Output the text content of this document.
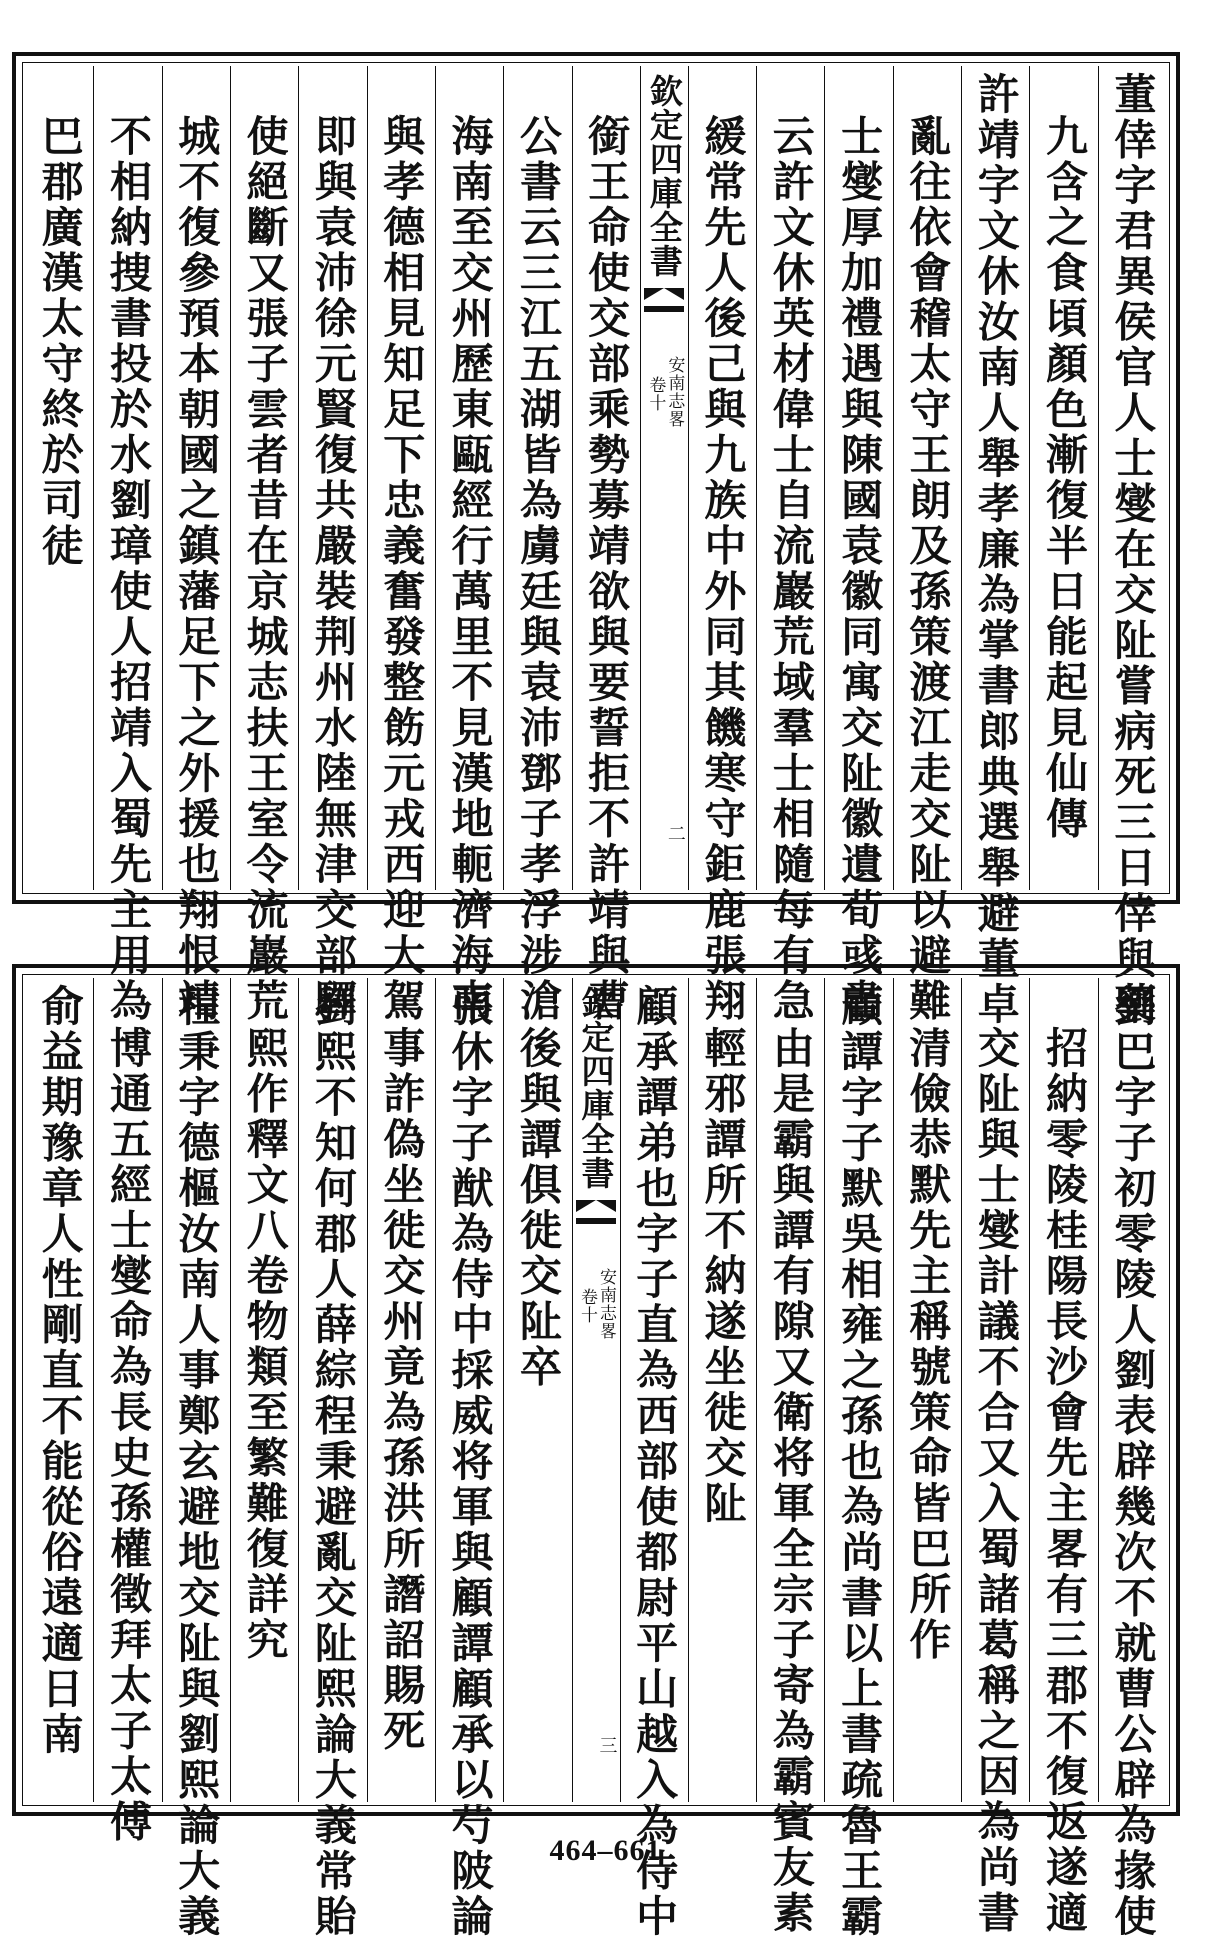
董倖字君異侯官人士燮在交阯嘗病死三日倖與藥
九含之食頃顏色漸復半日能起見仙傳
許靖字文休汝南人舉孝廉為掌書郎典選舉避董卓
亂往依會稽太守王朗及孫策渡江走交阯以避難
士燮厚加禮遇與陳國袁徽同寓交阯徽遺荀彧書
云許文休英材偉士自流巖荒域羣士相隨每有急
緩常先人後己與九族中外同其饑寒守鉅鹿張翔
欽定四庫全書
安南志畧
卷十
二
銜王命使交部乘勢募靖欲與要誓拒不許靖與曹
公書云三江五湖皆為虜廷與袁沛鄧子孝浮涉滄
海南至交州歷東甌經行萬里不見漢地軛濟海南
與孝德相見知足下忠義奮發整飭元戎西迎大駕
即與袁沛徐元賢復共嚴裝荆州水陸無津交部驛
使絕斷又張子雲者昔在京城志扶王室令流巖荒
城不復參預本朝國之鎮藩足下之外援也翔恨靖
不相納捜書投於水劉璋使人招靖入蜀先主用為
巴郡廣漢太守終於司徒
劉巴字子初零陵人劉表辟幾次不就曹公辟為掾使
招納零陵桂陽長沙會先主畧有三郡不復返遂適
交阯與士燮計議不合又入蜀諸葛稱之因為尚書
清儉恭默先主稱號策命皆巴所作
顧譚字子默吳相雍之孫也為尚書以上書疏魯王霸
由是霸與譚有隙又衛将軍全宗子寄為霸賓友素
輕邪譚所不納遂坐徙交阯
顧承譚弟也字子直為西部使都尉平山越入為侍中
欽定四庫全書
安南志畧
卷十
三
後與譚俱徙交阯卒
張休字子猷為侍中採威将軍與顧譚顧承以芍陂論
事詐偽坐徙交州竟為孫洪所譖詔賜死
劉熙不知何郡人薛綜程秉避亂交阯熙論大義常貽
熙作釋文八卷物類至繁難復詳究
程秉字德樞汝南人事鄭玄避地交阯與劉熙論大義
博通五經士燮命為長史孫權徵拜太子太傅
俞益期豫章人性剛直不能從俗遠適日南
464–661
